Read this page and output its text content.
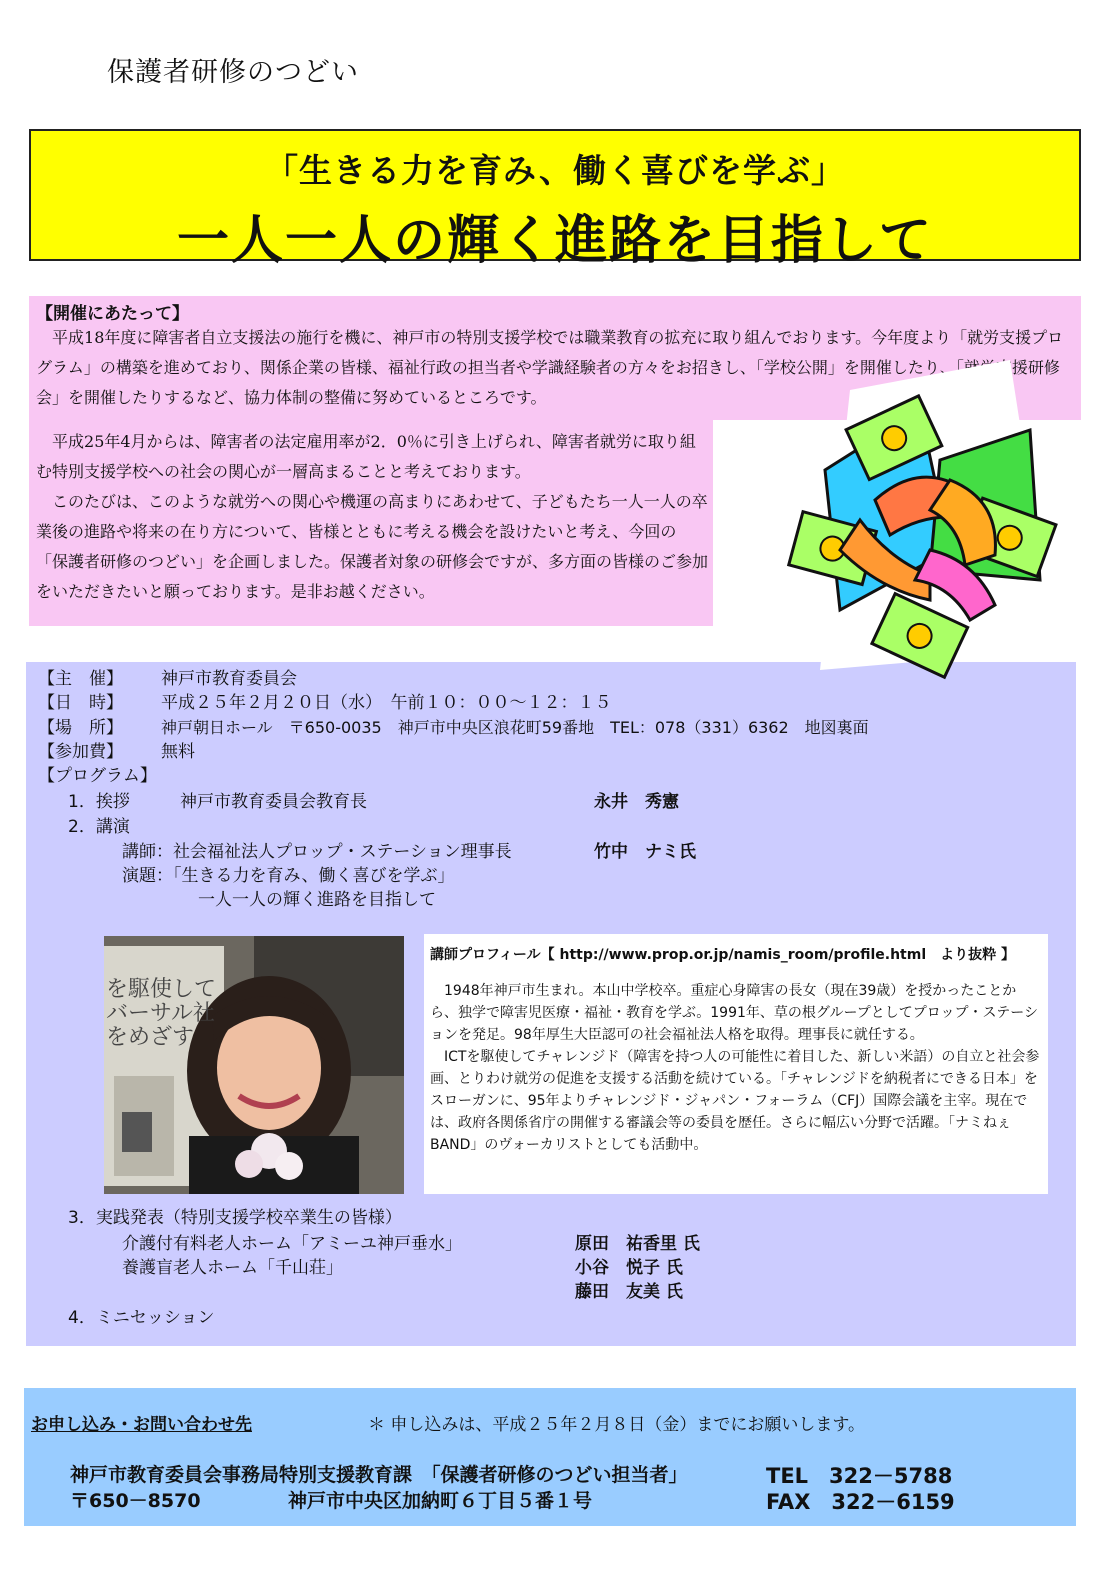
保護者研修のつどい
「生きる力を育み、働く喜びを学ぶ」
一人一人の輝く進路を目指して
【開催にあたって】
　平成18年度に障害者自立支援法の施行を機に、神戸市の特別支援学校では職業教育の拡充に取り組んでおります。今年度より「就労支援プログラム」の構築を進めており、関係企業の皆様、福祉行政の担当者や学識経験者の方々をお招きし、「学校公開」を開催したり、「就労支援研修会」を開催したりするなど、協力体制の整備に努めているところです。
　平成25年4月からは、障害者の法定雇用率が2．0％に引き上げられ、障害者就労に取り組む特別支援学校への社会の関心が一層高まることと考えております。
　このたびは、このような就労への関心や機運の高まりにあわせて、子どもたち一人一人の卒業後の進路や将来の在り方について、皆様とともに考える機会を設けたいと考え、今回の「保護者研修のつどい」を企画しました。保護者対象の研修会ですが、多方面の皆様のご参加をいただきたいと願っております。是非お越ください。
【主　催】 神戸市教育委員会
【日　時】 平成２５年２月２０日（水）　午前１０：００～１２：１５
【場　所】 神戸朝日ホール　〒650-0035　神戸市中央区浪花町59番地　TEL：078（331）6362　地図裏面
【参加費】 無料
【プログラム】
1．挨拶	神戸市教育委員会教育長	永井　秀憲
2．講演
講師：社会福祉法人プロップ・ステーション理事長	竹中　ナミ氏
演題：「生きる力を育み、働く喜びを学ぶ」
一人一人の輝く進路を目指して
を駆使して
バーサル社
をめざす
講師プロフィール【 http://www.prop.or.jp/namis_room/profile.html　より抜粋 】
1948年神戸市生まれ。本山中学校卒。重症心身障害の長女（現在39歳）を授かったことから、独学で障害児医療・福祉・教育を学ぶ。1991年、草の根グループとしてプロップ・ステーションを発足。98年厚生大臣認可の社会福祉法人格を取得。理事長に就任する。
ICTを駆使してチャレンジド（障害を持つ人の可能性に着目した、新しい米語）の自立と社会参画、とりわけ就労の促進を支援する活動を続けている。「チャレンジドを納税者にできる日本」をスローガンに、95年よりチャレンジド・ジャパン・フォーラム（CFJ）国際会議を主宰。現在では、政府各関係省庁の開催する審議会等の委員を歴任。さらに幅広い分野で活躍。「ナミねぇBAND」のヴォーカリストとしても活動中。
3．実践発表（特別支援学校卒業生の皆様）
介護付有料老人ホーム「アミーユ神戸垂水」
養護盲老人ホーム「千山荘」
原田　祐香里 氏
小谷　悦子 氏
藤田　友美 氏
4．ミニセッション
お申し込み・お問い合わせ先	＊ 申し込みは、平成２５年２月８日（金）までにお願いします。
神戸市教育委員会事務局特別支援教育課　「保護者研修のつどい担当者」
〒650－8570	神戸市中央区加納町６丁目５番１号
TEL　322－5788
FAX　322－6159
